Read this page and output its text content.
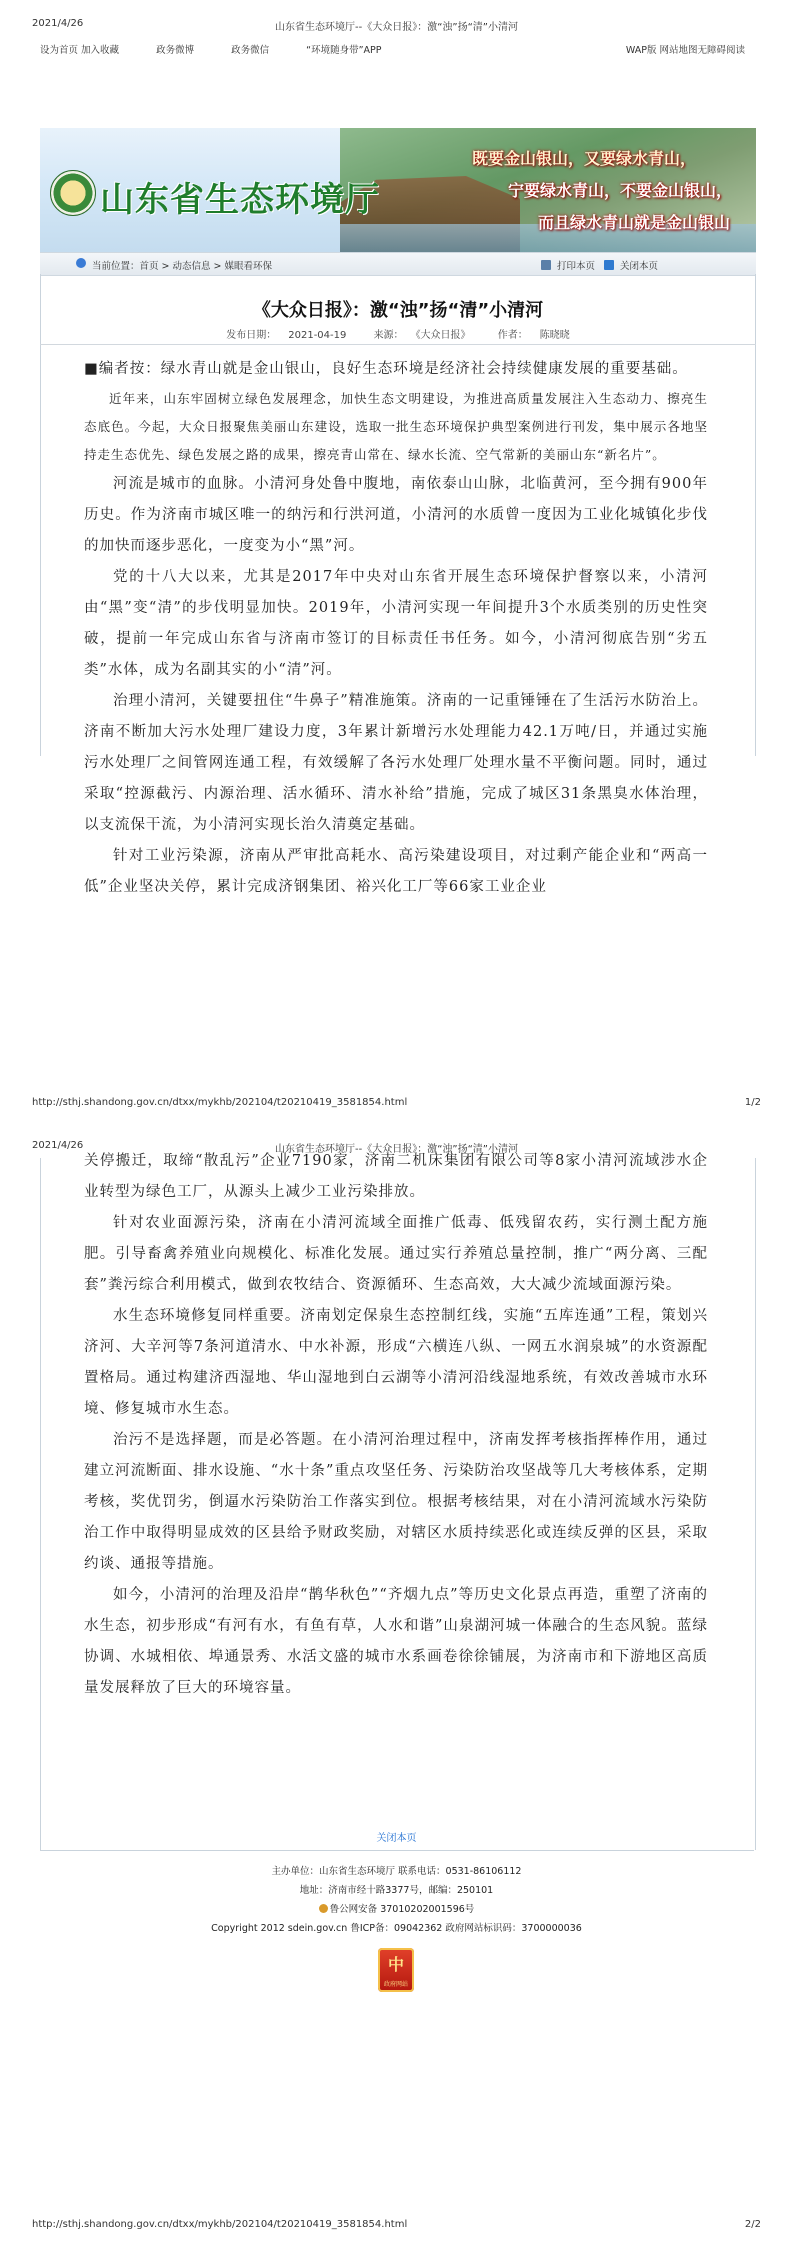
2021/4/26	山东省生态环境厅--《大众日报》：激“浊”扬“清”小清河
设为首页 加入收藏	政务微博	政务微信	“环境随身带”APP	WAP版 网站地图无障碍阅读
山东省生态环境厅
既要金山银山，又要绿水青山，
宁要绿水青山，不要金山银山，
而且绿水青山就是金山银山
当前位置：首页 > 动态信息 > 媒眼看环保	打印本页	关闭本页
《大众日报》：激“浊”扬“清”小清河
发布日期： 2021-04-19	来源： 《大众日报》	作者： 陈晓晓

■编者按：绿水青山就是金山银山，良好生态环境是经济社会持续健康发展的重要基础。

近年来，山东牢固树立绿色发展理念，加快生态文明建设，为推进高质量发展注入生态动力、擦亮生态底色。今起，大众日报聚焦美丽山东建设，选取一批生态环境保护典型案例进行刊发，集中展示各地坚持走生态优先、绿色发展之路的成果，擦亮青山常在、绿水长流、空气常新的美丽山东“新名片”。

河流是城市的血脉。小清河身处鲁中腹地，南依泰山山脉，北临黄河，至今拥有900年历史。作为济南市城区唯一的纳污和行洪河道，小清河的水质曾一度因为工业化城镇化步伐的加快而逐步恶化，一度变为小“黑”河。

党的十八大以来，尤其是2017年中央对山东省开展生态环境保护督察以来，小清河由“黑”变“清”的步伐明显加快。2019年，小清河实现一年间提升3个水质类别的历史性突破，提前一年完成山东省与济南市签订的目标责任书任务。如今，小清河彻底告别“劣五类”水体，成为名副其实的小“清”河。

治理小清河，关键要扭住“牛鼻子”精准施策。济南的一记重锤锤在了生活污水防治上。济南不断加大污水处理厂建设力度，3年累计新增污水处理能力42.1万吨/日，并通过实施污水处理厂之间管网连通工程，有效缓解了各污水处理厂处理水量不平衡问题。同时，通过采取“控源截污、内源治理、活水循环、清水补给”措施，完成了城区31条黑臭水体治理，以支流保干流，为小清河实现长治久清奠定基础。

针对工业污染源，济南从严审批高耗水、高污染建设项目，对过剩产能企业和“两高一低”企业坚决关停，累计完成济钢集团、裕兴化工厂等66家工业企业

http://sthj.shandong.gov.cn/dtxx/mykhb/202104/t20210419_3581854.html	1/2
2021/4/26	山东省生态环境厅--《大众日报》：激“浊”扬“清”小清河

关停搬迁，取缔“散乱污”企业7190家，济南二机床集团有限公司等8家小清河流域涉水企业转型为绿色工厂，从源头上减少工业污染排放。

针对农业面源污染，济南在小清河流域全面推广低毒、低残留农药，实行测土配方施肥。引导畜禽养殖业向规模化、标准化发展。通过实行养殖总量控制，推广“两分离、三配套”粪污综合利用模式，做到农牧结合、资源循环、生态高效，大大减少流域面源污染。

水生态环境修复同样重要。济南划定保泉生态控制红线，实施“五库连通”工程，策划兴济河、大辛河等7条河道清水、中水补源，形成“六横连八纵、一网五水润泉城”的水资源配置格局。通过构建济西湿地、华山湿地到白云湖等小清河沿线湿地系统，有效改善城市水环境、修复城市水生态。

治污不是选择题，而是必答题。在小清河治理过程中，济南发挥考核指挥棒作用，通过建立河流断面、排水设施、“水十条”重点攻坚任务、污染防治攻坚战等几大考核体系，定期考核，奖优罚劣，倒逼水污染防治工作落实到位。根据考核结果，对在小清河流域水污染防治工作中取得明显成效的区县给予财政奖励，对辖区水质持续恶化或连续反弹的区县，采取约谈、通报等措施。

如今，小清河的治理及沿岸“鹊华秋色”“齐烟九点”等历史文化景点再造，重塑了济南的水生态，初步形成“有河有水，有鱼有草，人水和谐”山泉湖河城一体融合的生态风貌。蓝绿协调、水城相依、埠通景秀、水活文盛的城市水系画卷徐徐铺展，为济南市和下游地区高质量发展释放了巨大的环境容量。

关闭本页
主办单位：山东省生态环境厅 联系电话：0531-86106112
地址：济南市经十路3377号，邮编：250101
鲁公网安备 37010202001596号
Copyright 2012 sdein.gov.cn 鲁ICP备：09042362 政府网站标识码：3700000036
中
政府网站
http://sthj.shandong.gov.cn/dtxx/mykhb/202104/t20210419_3581854.html	2/2
